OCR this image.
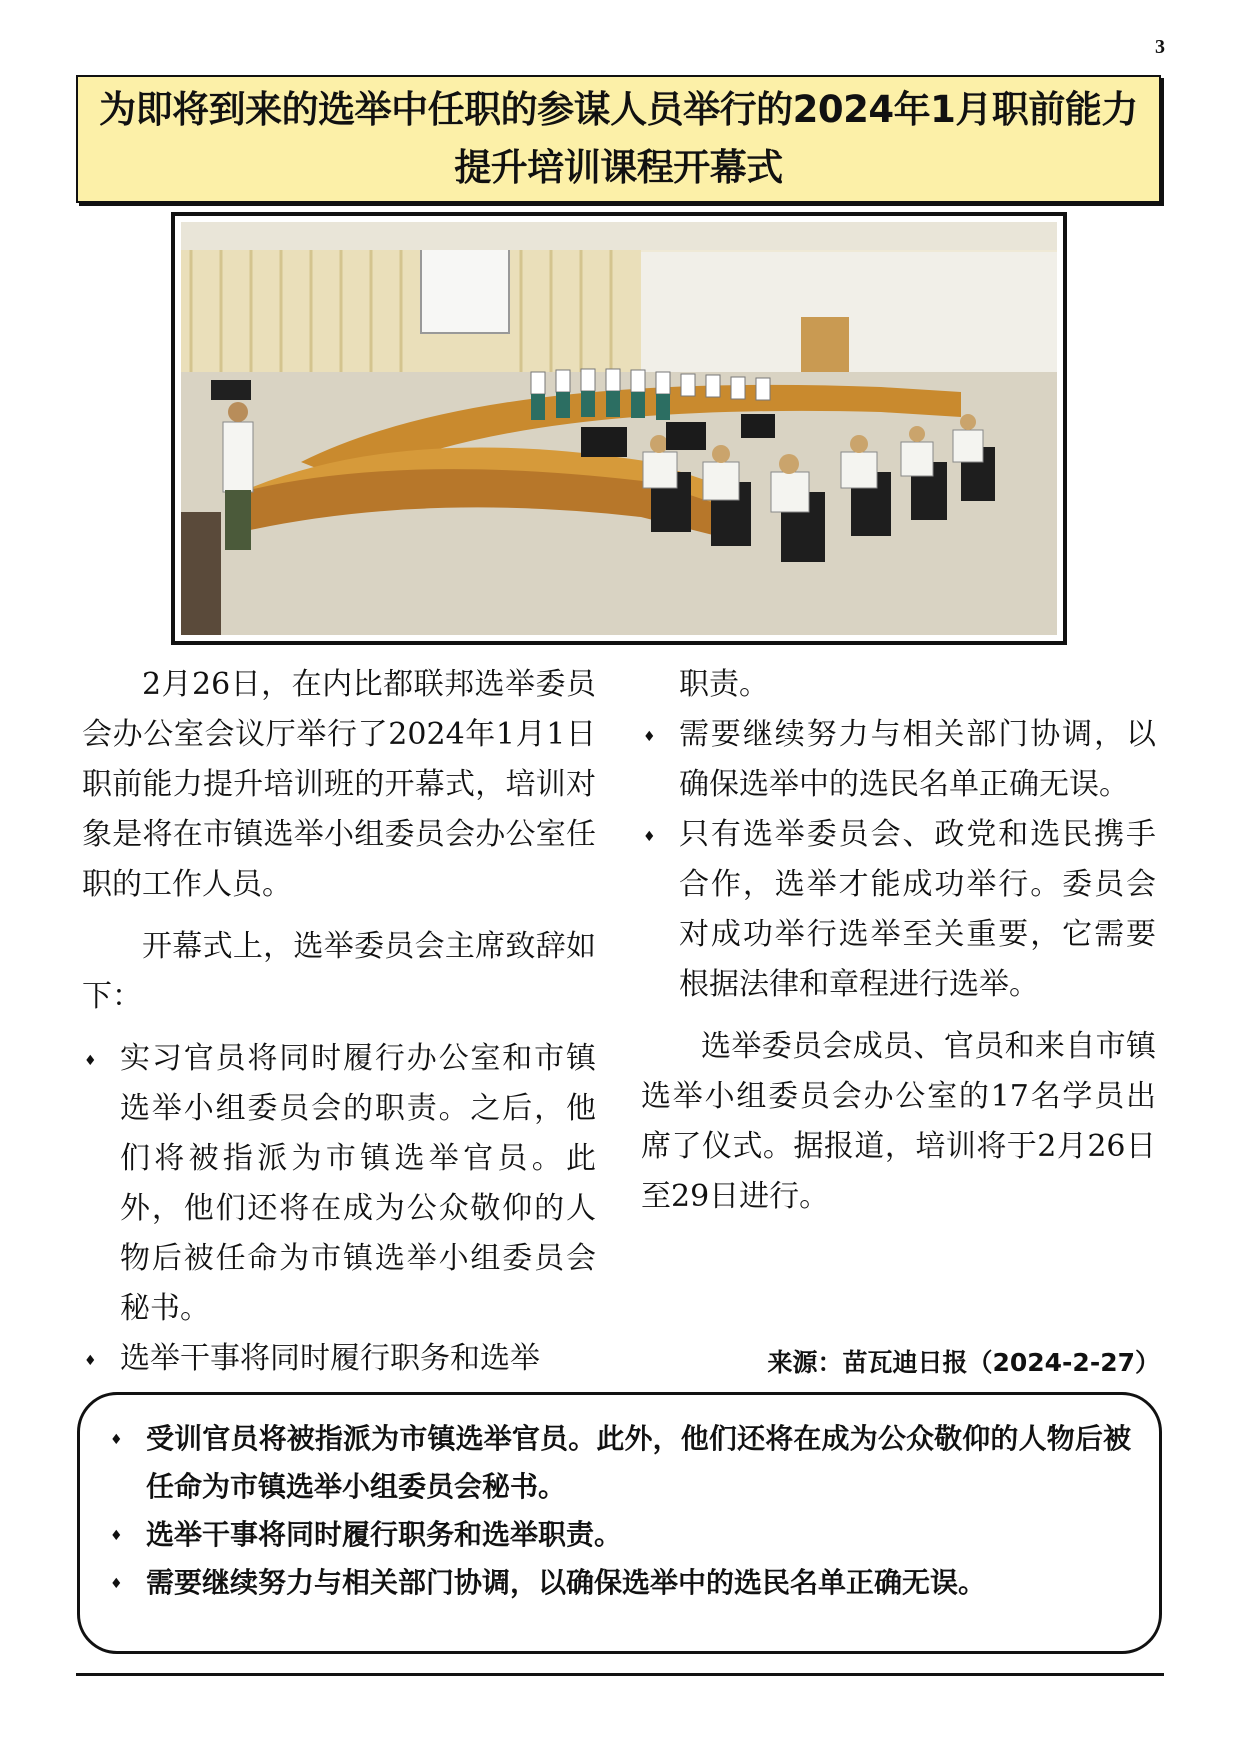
3
为即将到来的选举中任职的参谋人员举行的2024年1月职前能力提升培训课程开幕式

2月26日，在内比都联邦选举委员会办公室会议厅举行了2024年1月1日职前能力提升培训班的开幕式，培训对象是将在市镇选举小组委员会办公室任职的工作人员。

开幕式上，选举委员会主席致辞如下：

♦ 实习官员将同时履行办公室和市镇选举小组委员会的职责。之后，他们将被指派为市镇选举官员。此外，他们还将在成为公众敬仰的人物后被任命为市镇选举小组委员会秘书。
♦ 选举干事将同时履行职务和选举
职责。
♦ 需要继续努力与相关部门协调，以确保选举中的选民名单正确无误。
♦ 只有选举委员会、政党和选民携手合作，选举才能成功举行。委员会对成功举行选举至关重要，它需要根据法律和章程进行选举。

选举委员会成员、官员和来自市镇选举小组委员会办公室的17名学员出席了仪式。据报道，培训将于2月26日至29日进行。

来源：苗瓦迪日报（2024-2-27）
♦ 受训官员将被指派为市镇选举官员。此外，他们还将在成为公众敬仰的人物后被任命为市镇选举小组委员会秘书。
♦ 选举干事将同时履行职务和选举职责。
♦ 需要继续努力与相关部门协调，以确保选举中的选民名单正确无误。
